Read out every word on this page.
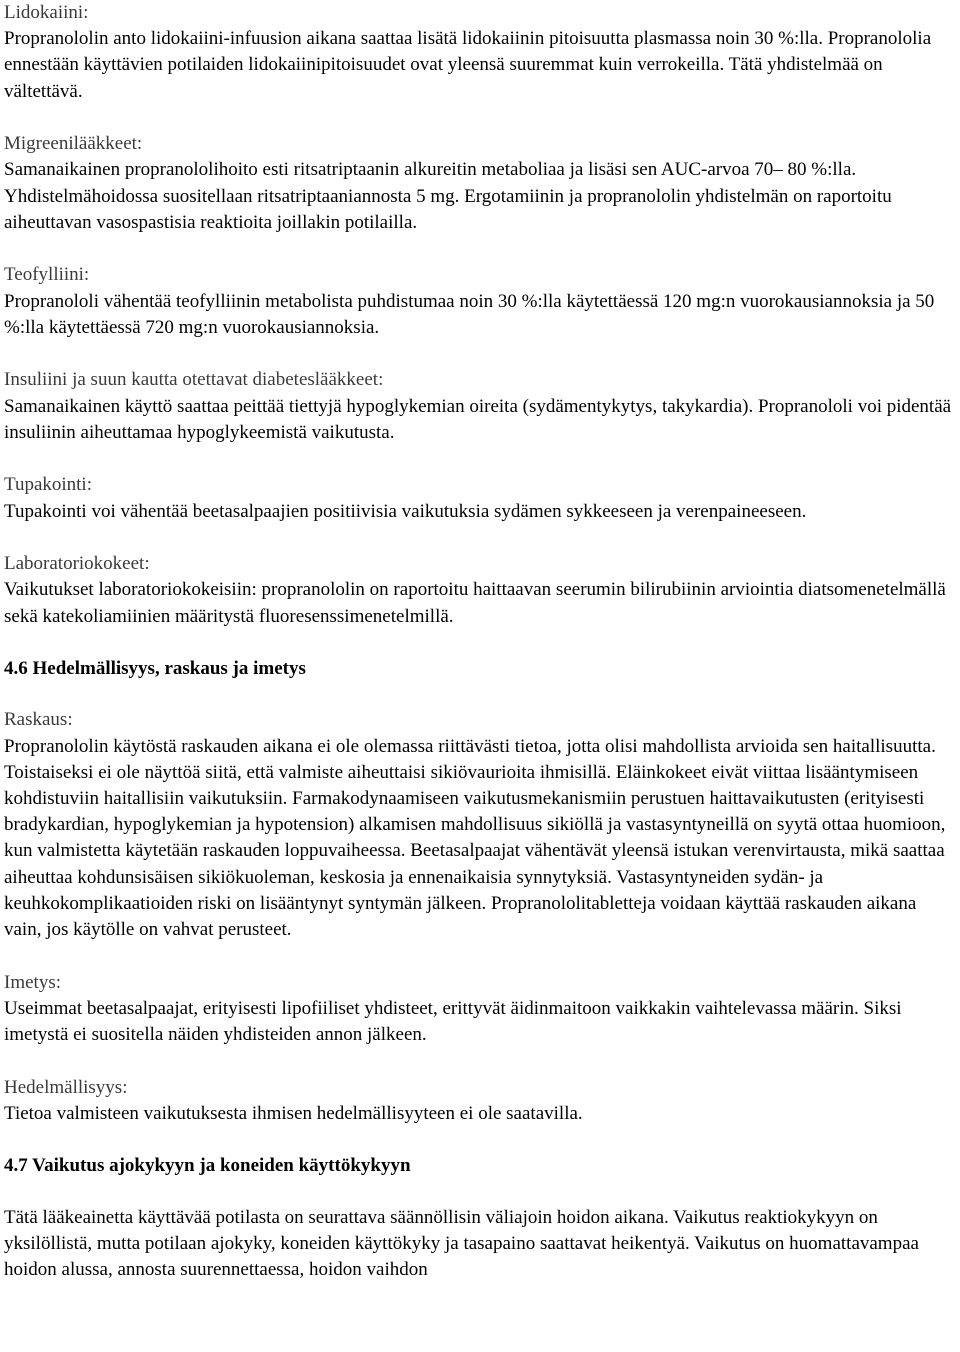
Lidokaiini:
Propranololin anto lidokaiini-infuusion aikana saattaa lisätä lidokaiinin pitoisuutta plasmassa noin 30 %:lla. Propranololia ennestään käyttävien potilaiden lidokaiinipitoisuudet ovat yleensä suuremmat kuin verrokeilla. Tätä yhdistelmää on vältettävä.
Migreenilääkkeet:
Samanaikainen propranololihoito esti ritsatriptaanin alkureitin metaboliaa ja lisäsi sen AUC-arvoa 70– 80 %:lla. Yhdistelmähoidossa suositellaan ritsatriptaaniannosta 5 mg. Ergotamiinin ja propranololin yhdistelmän on raportoitu aiheuttavan vasospastisia reaktioita joillakin potilailla.
Teofylliini:
Propranololi vähentää teofylliinin metabolista puhdistumaa noin 30 %:lla käytettäessä 120 mg:n vuorokausiannoksia ja 50 %:lla käytettäessä 720 mg:n vuorokausiannoksia.
Insuliini ja suun kautta otettavat diabeteslääkkeet:
Samanaikainen käyttö saattaa peittää tiettyjä hypoglykemian oireita (sydämentykytys, takykardia). Propranololi voi pidentää insuliinin aiheuttamaa hypoglykeemistä vaikutusta.
Tupakointi:
Tupakointi voi vähentää beetasalpaajien positiivisia vaikutuksia sydämen sykkeeseen ja verenpaineeseen.
Laboratoriokokeet:
Vaikutukset laboratoriokokeisiin: propranololin on raportoitu haittaavan seerumin bilirubiinin arviointia diatsomenetelmällä sekä katekoliamiinien määritystä fluoresenssimenetelmillä.
4.6 Hedelmällisyys, raskaus ja imetys
Raskaus:
Propranololin käytöstä raskauden aikana ei ole olemassa riittävästi tietoa, jotta olisi mahdollista arvioida sen haitallisuutta. Toistaiseksi ei ole näyttöä siitä, että valmiste aiheuttaisi sikiövaurioita ihmisillä. Eläinkokeet eivät viittaa lisääntymiseen kohdistuviin haitallisiin vaikutuksiin. Farmakodynaamiseen vaikutusmekanismiin perustuen haittavaikutusten (erityisesti bradykardian, hypoglykemian ja hypotension) alkamisen mahdollisuus sikiöllä ja vastasyntyneillä on syytä ottaa huomioon, kun valmistetta käytetään raskauden loppuvaiheessa. Beetasalpaajat vähentävät yleensä istukan verenvirtausta, mikä saattaa aiheuttaa kohdunsisäisen sikiökuoleman, keskosia ja ennenaikaisia synnytyksiä. Vastasyntyneiden sydän- ja keuhkokomplikaatioiden riski on lisääntynyt syntymän jälkeen. Propranololitabletteja voidaan käyttää raskauden aikana vain, jos käytölle on vahvat perusteet.
Imetys:
Useimmat beetasalpaajat, erityisesti lipofiiliset yhdisteet, erittyvät äidinmaitoon vaikkakin vaihtelevassa määrin. Siksi imetystä ei suositella näiden yhdisteiden annon jälkeen.
Hedelmällisyys:
Tietoa valmisteen vaikutuksesta ihmisen hedelmällisyyteen ei ole saatavilla.
4.7 Vaikutus ajokykyyn ja koneiden käyttökykyyn
Tätä lääkeainetta käyttävää potilasta on seurattava säännöllisin väliajoin hoidon aikana. Vaikutus reaktiokykyyn on yksilöllistä, mutta potilaan ajokyky, koneiden käyttökyky ja tasapaino saattavat heikentyä. Vaikutus on huomattavampaa hoidon alussa, annosta suurennettaessa, hoidon vaihdon
